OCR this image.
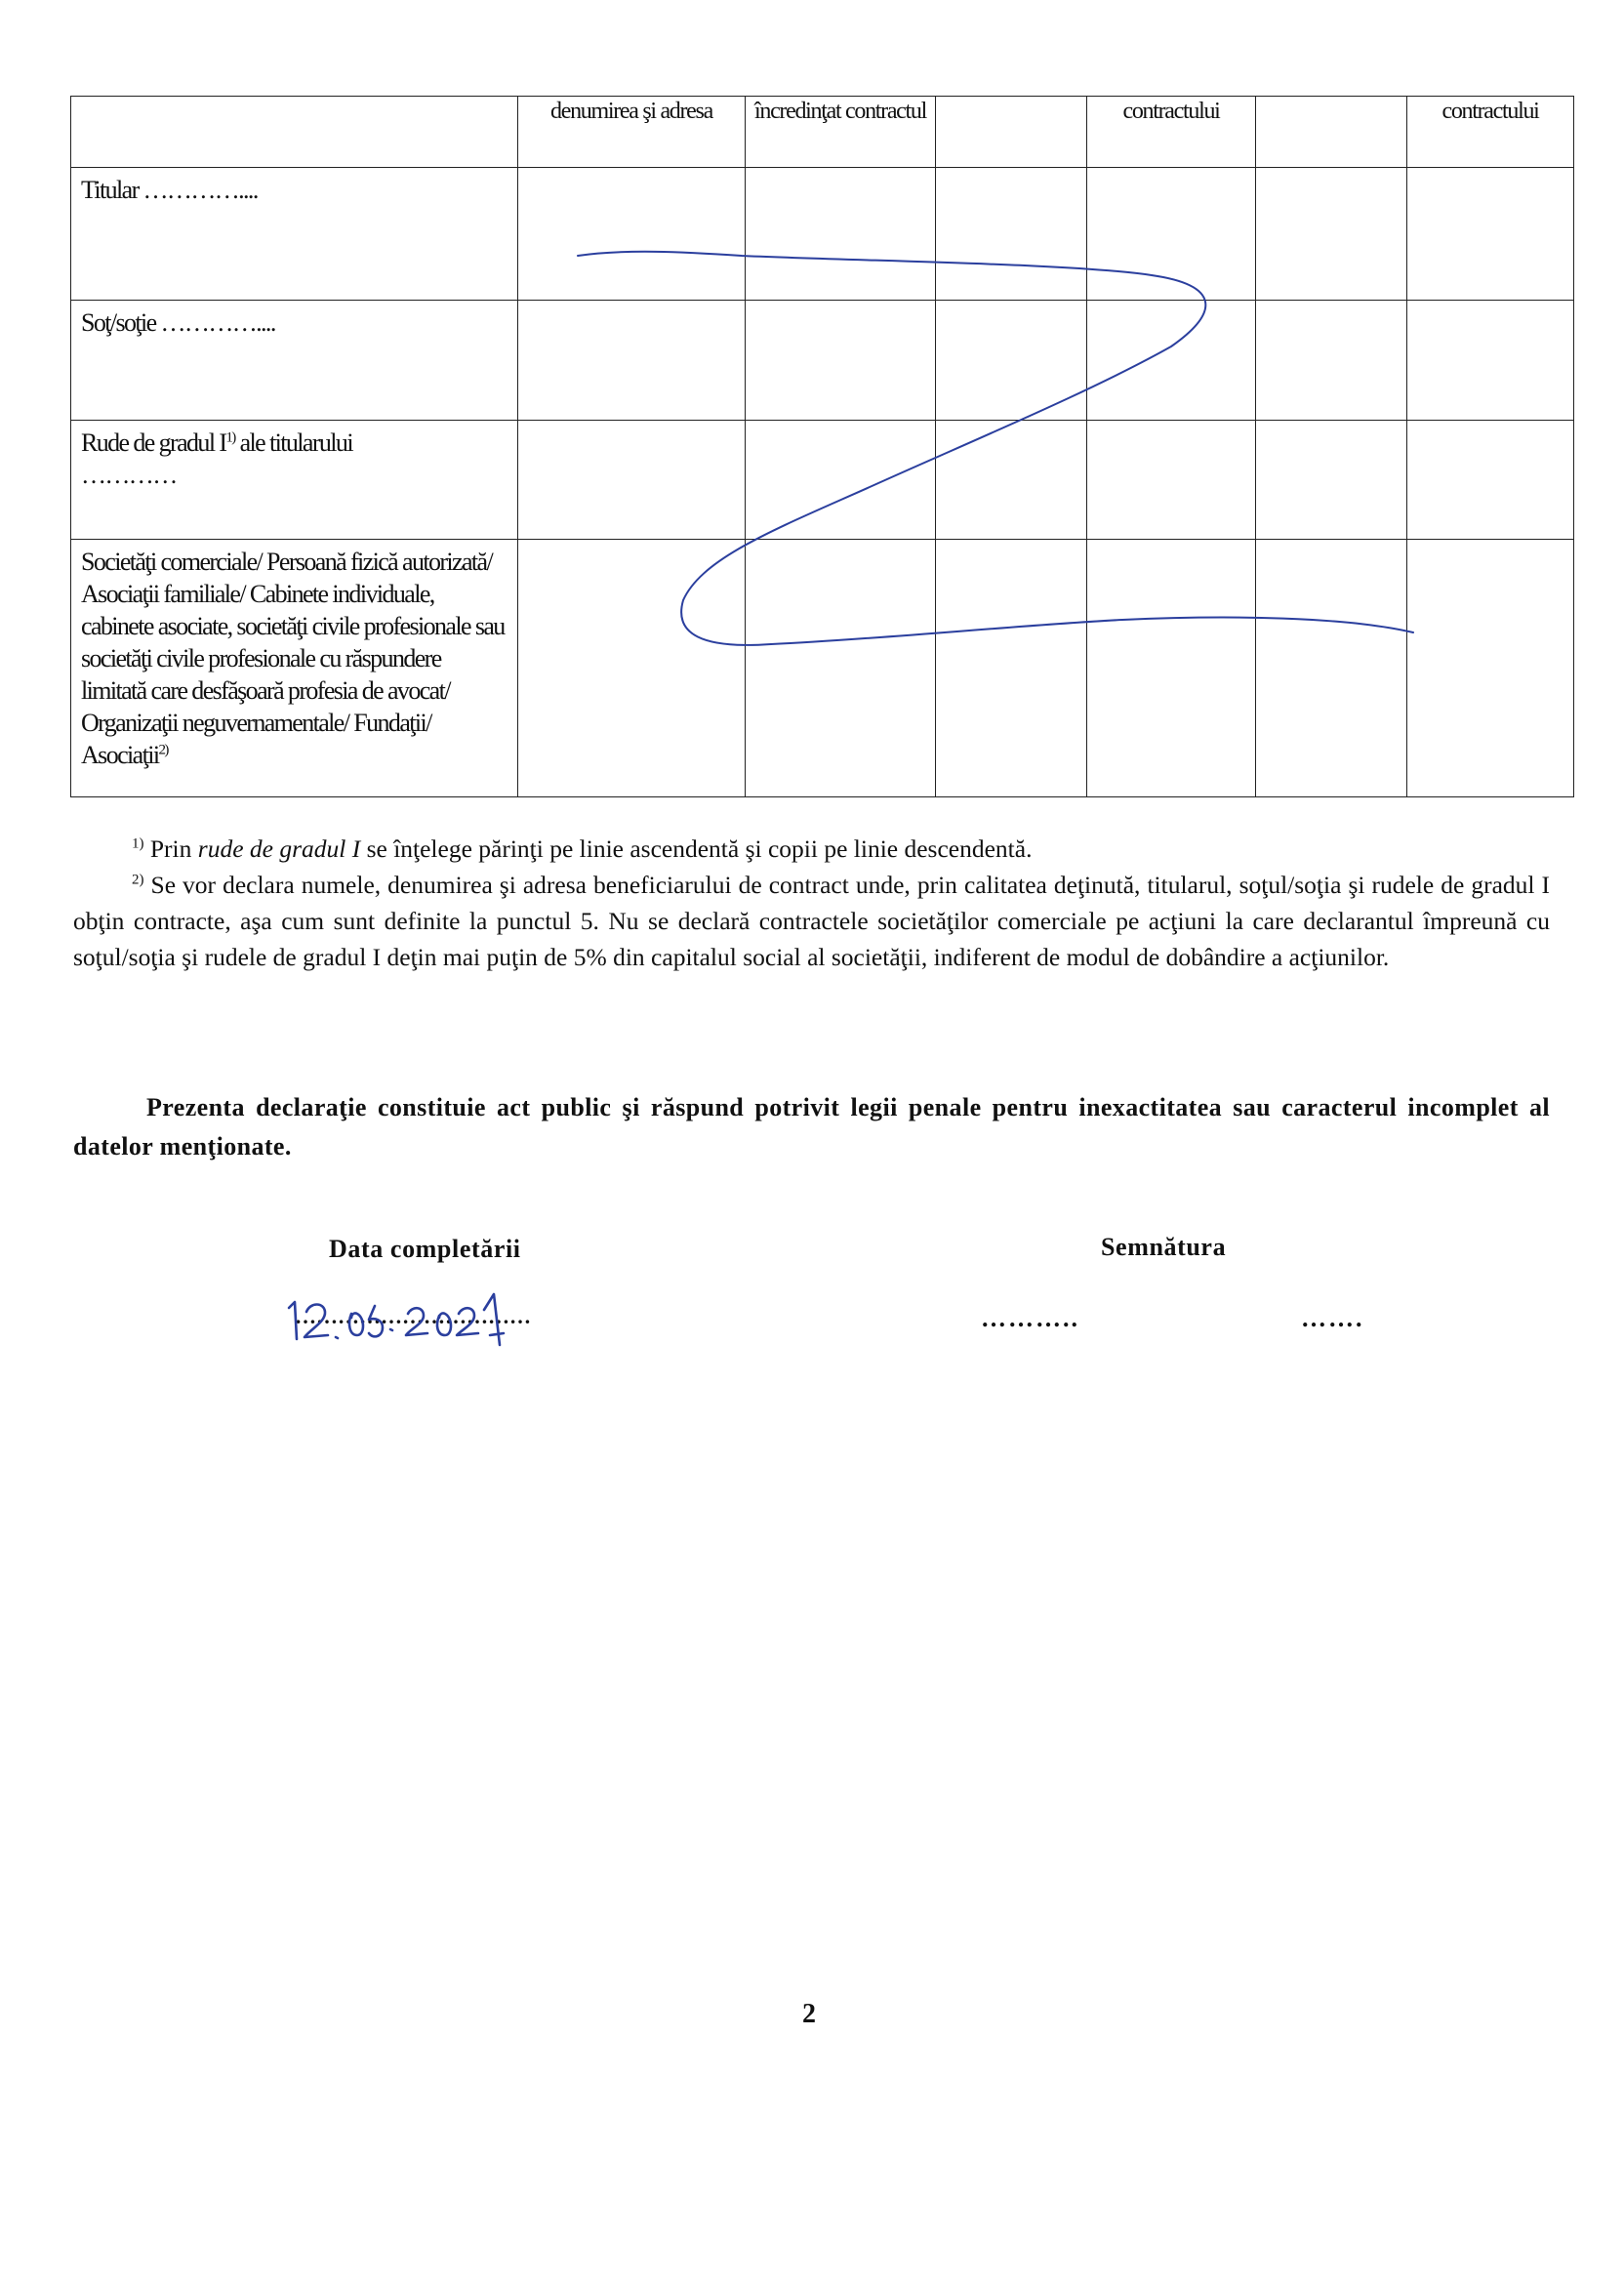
	denumirea şi adresa	încredinţat contractul		contractului		contractului

Titular …………....						
Soţ/soţie …………....						
Rude de gradul $I^{1)}$ ale titularului
…………						
Societăţi comerciale/ Persoană fizică autorizată/ Asociaţii familiale/ Cabinete individuale, cabinete asociate, societăţi civile profesionale sau societăţi civile profesionale cu răspundere limitată care desfăşoară profesia de avocat/ Organizaţii neguvernamentale/ Fundaţii/ Asociaţii$^{2)}$						

$^{1)}$ Prin rude de gradul I se înţelege părinţi pe linie ascendentă şi copii pe linie descendentă.

$^{2)}$ Se vor declara numele, denumirea şi adresa beneficiarului de contract unde, prin calitatea deţinută, titularul, soţul/soţia şi rudele de gradul I obţin contracte, aşa cum sunt definite la punctul 5. Nu se declară contractele societăţilor comerciale pe acţiuni la care declarantul împreună cu soţul/soţia şi rudele de gradul I deţin mai puţin de 5% din capitalul social al societăţii, indiferent de modul de dobândire a acţiunilor.

Prezenta declaraţie constituie act public şi răspund potrivit legii penale pentru inexactitatea sau caracterul incomplet al datelor menţionate.
Data completării	Semnătura
……………………………	………..	…….
2
